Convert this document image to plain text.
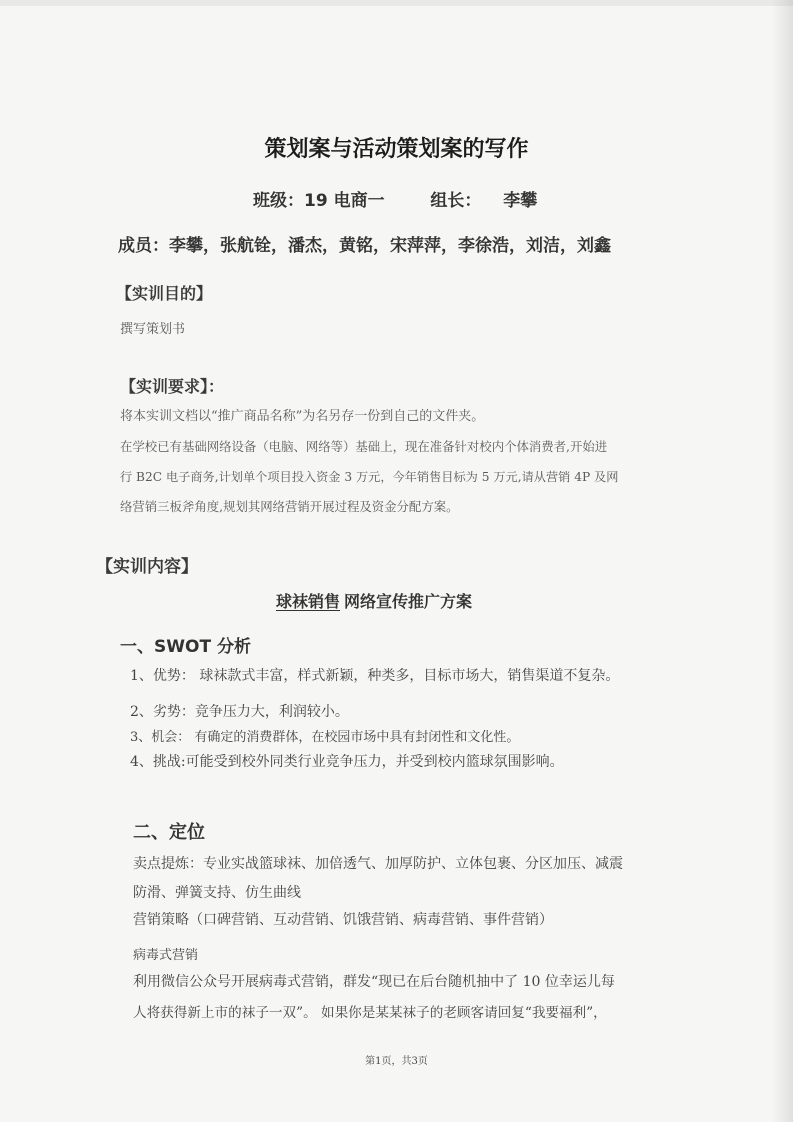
策划案与活动策划案的写作
班级：19 电商一	组长： 李攀
成员：李攀，张航铨，潘杰，黄铭，宋萍萍，李徐浩，刘洁，刘鑫
【实训目的】
撰写策划书
【实训要求】：
将本实训文档以“推广商品名称”为名另存一份到自己的文件夹。
在学校已有基础网络设备（电脑、网络等）基础上，现在准备针对校内个体消费者,开始进
行 B2C 电子商务,计划单个项目投入资金 3 万元，今年销售目标为 5 万元,请从营销 4P 及网
络营销三板斧角度,规划其网络营销开展过程及资金分配方案。
【实训内容】
球袜销售 网络宣传推广方案
一、SWOT 分析
1、优势： 球袜款式丰富，样式新颖，种类多，目标市场大，销售渠道不复杂。
2、劣势：竞争压力大，利润较小。
3、机会： 有确定的消费群体，在校园市场中具有封闭性和文化性。
4、挑战:可能受到校外同类行业竞争压力，并受到校内篮球氛围影响。
二、定位
卖点提炼：专业实战篮球袜、加倍透气、加厚防护、立体包裹、分区加压、减震
防滑、弹簧支持、仿生曲线
营销策略（口碑营销、互动营销、饥饿营销、病毒营销、事件营销）
病毒式营销
利用微信公众号开展病毒式营销，群发“现已在后台随机抽中了 10 位幸运儿每
人将获得新上市的袜子一双”。 如果你是某某袜子的老顾客请回复“我要福利”，
第1页，共3页
